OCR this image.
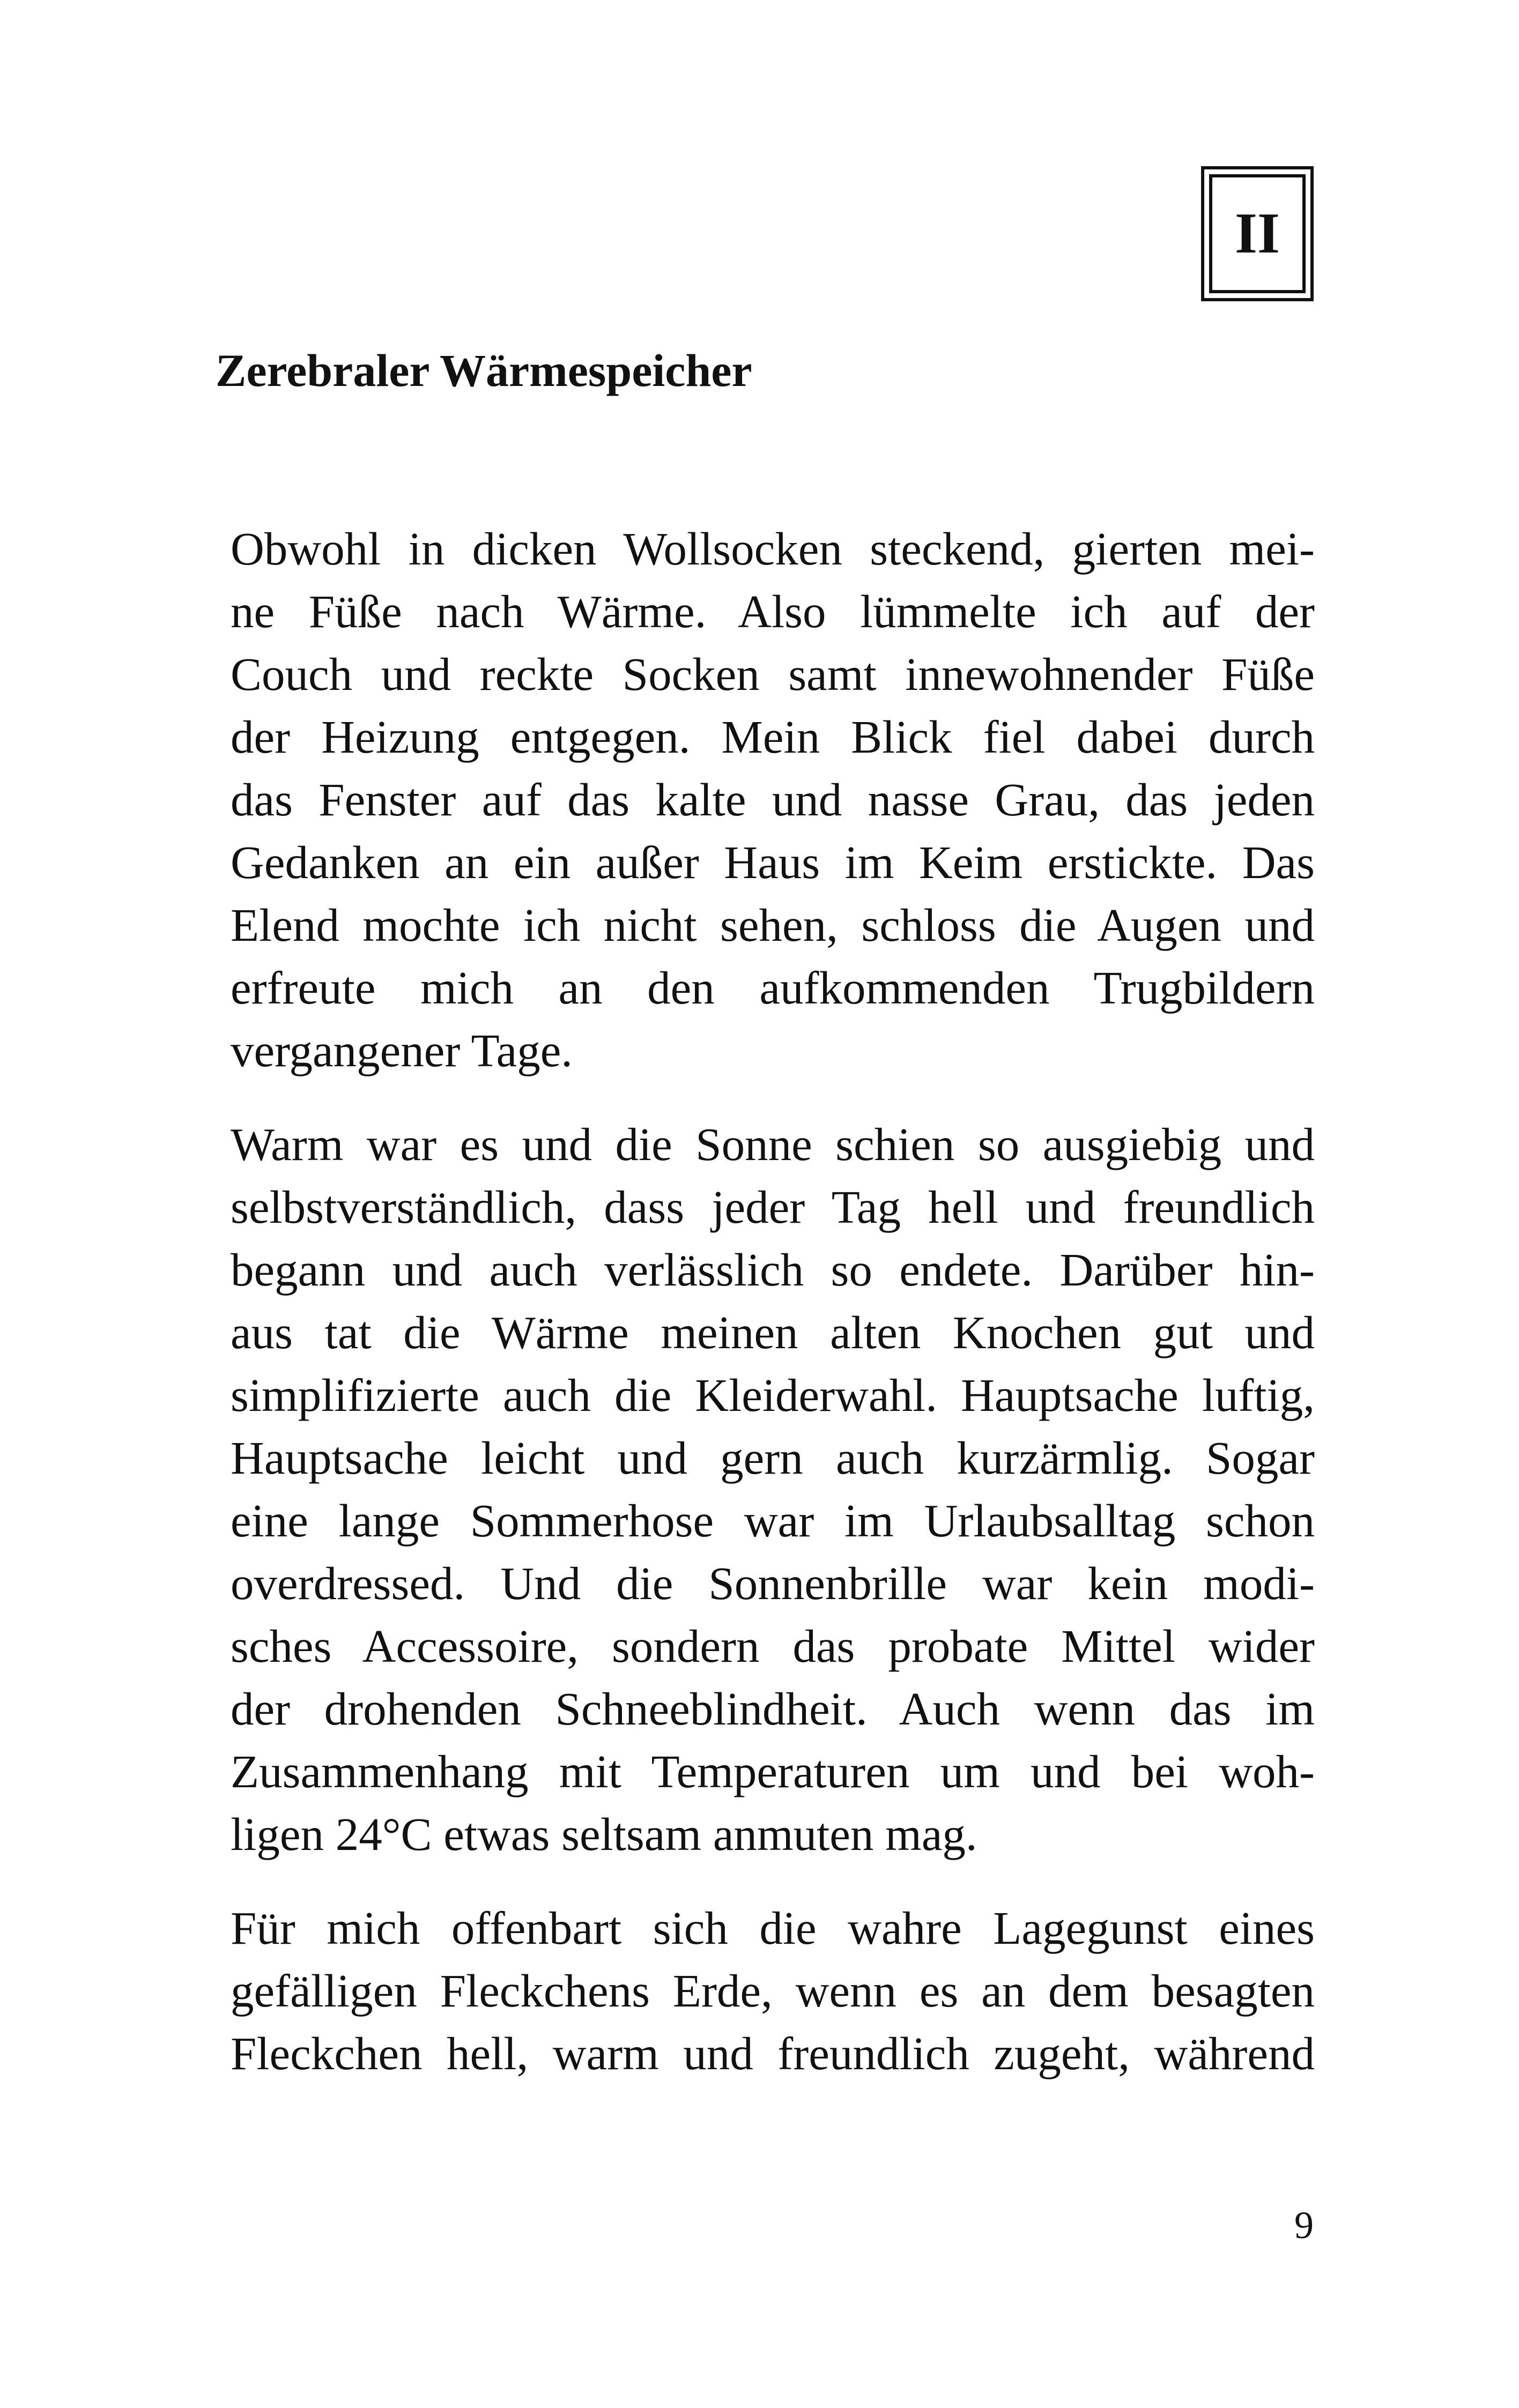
II
Zerebraler Wärmespeicher

Obwohl in dicken Wollsocken steckend, gierten mei-
ne Füße nach Wärme. Also lümmelte ich auf der
Couch und reckte Socken samt innewohnender Füße
der Heizung entgegen. Mein Blick fiel dabei durch
das Fenster auf das kalte und nasse Grau, das jeden
Gedanken an ein außer Haus im Keim erstickte. Das
Elend mochte ich nicht sehen, schloss die Augen und
erfreute mich an den aufkommenden Trugbildern
vergangener Tage.

Warm war es und die Sonne schien so ausgiebig und
selbstverständlich, dass jeder Tag hell und freundlich
begann und auch verlässlich so endete. Darüber hin-
aus tat die Wärme meinen alten Knochen gut und
simplifizierte auch die Kleiderwahl. Hauptsache luftig,
Hauptsache leicht und gern auch kurzärmlig. Sogar
eine lange Sommerhose war im Urlaubsalltag schon
overdressed. Und die Sonnenbrille war kein modi-
sches Accessoire, sondern das probate Mittel wider
der drohenden Schneeblindheit. Auch wenn das im
Zusammenhang mit Temperaturen um und bei woh-
ligen 24°C etwas seltsam anmuten mag.

Für mich offenbart sich die wahre Lagegunst eines
gefälligen Fleckchens Erde, wenn es an dem besagten
Fleckchen hell, warm und freundlich zugeht, während

9
